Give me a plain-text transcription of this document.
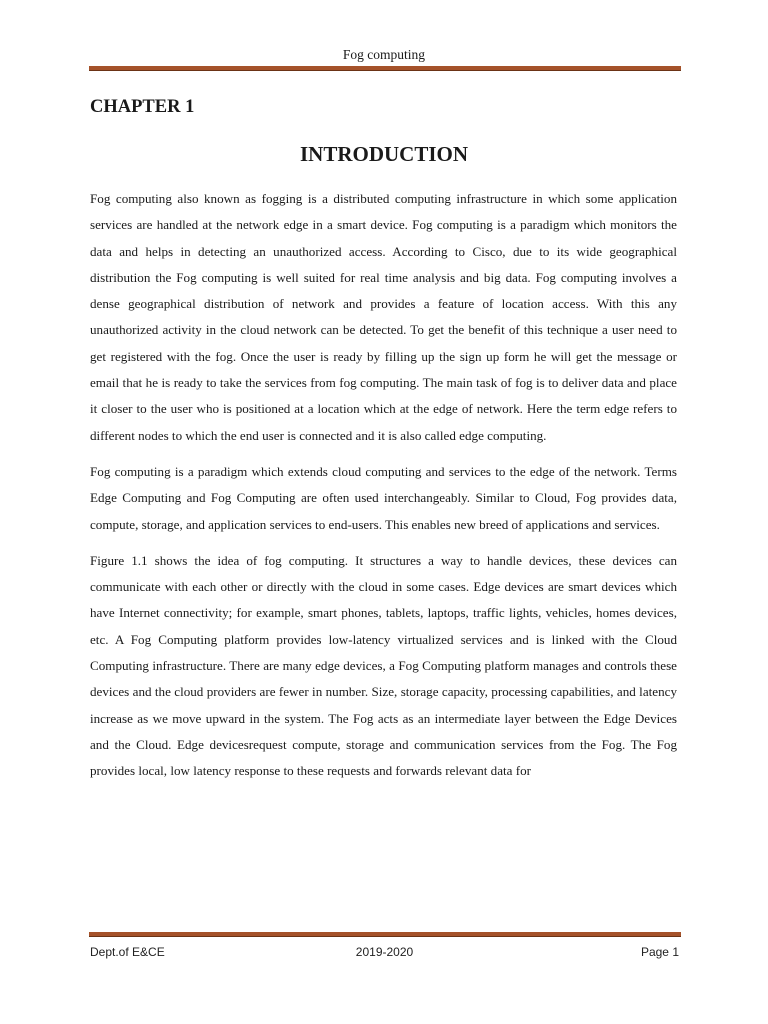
Fog computing
CHAPTER 1
INTRODUCTION

Fog computing also known as fogging is a distributed computing infrastructure in which some application services are handled at the network edge in a smart device. Fog computing is a paradigm which monitors the data and helps in detecting an unauthorized access. According to Cisco, due to its wide geographical distribution the Fog computing is well suited for real time analysis and big data. Fog computing involves a dense geographical distribution of network and provides a feature of location access. With this any unauthorized activity in the cloud network can be detected. To get the benefit of this technique a user need to get registered with the fog. Once the user is ready by filling up the sign up form he will get the message or email that he is ready to take the services from fog computing. The main task of fog is to deliver data and place it closer to the user who is positioned at a location which at the edge of network. Here the term edge refers to different nodes to which the end user is connected and it is also called edge computing.

Fog computing is a paradigm which extends cloud computing and services to the edge of the network. Terms Edge Computing and Fog Computing are often used interchangeably. Similar to Cloud, Fog provides data, compute, storage, and application services to end-users. This enables new breed of applications and services.

Figure 1.1 shows the idea of fog computing. It structures a way to handle devices, these devices can communicate with each other or directly with the cloud in some cases. Edge devices are smart devices which have Internet connectivity; for example, smart phones, tablets, laptops, traffic lights, vehicles, homes devices, etc. A Fog Computing platform provides low-latency virtualized services and is linked with the Cloud Computing infrastructure. There are many edge devices, a Fog Computing platform manages and controls these devices and the cloud providers are fewer in number. Size, storage capacity, processing capabilities, and latency increase as we move upward in the system. The Fog acts as an intermediate layer between the Edge Devices and the Cloud. Edge devicesrequest compute, storage and communication services from the Fog. The Fog provides local, low latency response to these requests and forwards relevant data for

Dept.of E&CE	2019-2020	Page 1
